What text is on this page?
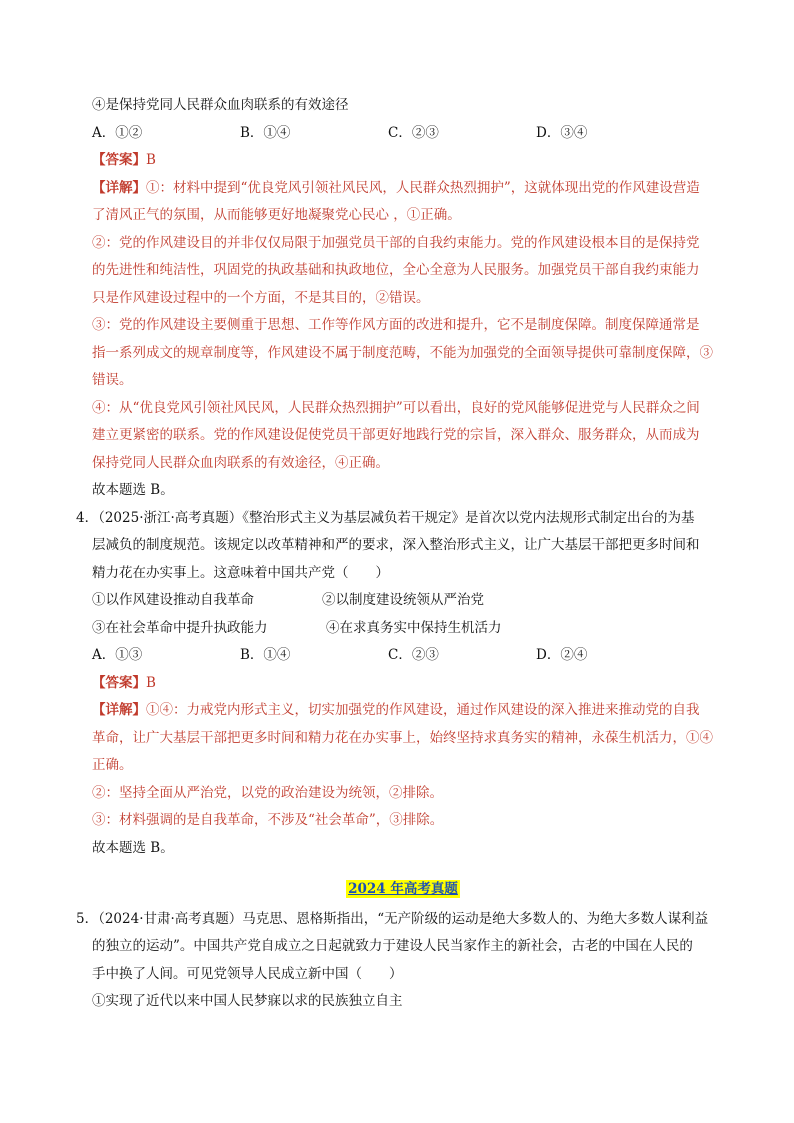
④是保持党同人民群众血肉联系的有效途径
A．①②	B．①④	C．②③	D．③④
【答案】B
【详解】①：材料中提到“优良党风引领社风民风，人民群众热烈拥护”，这就体现出党的作风建设营造
了清风正气的氛围，从而能够更好地凝聚党心民心 ，①正确。
②：党的作风建设目的并非仅仅局限于加强党员干部的自我约束能力。党的作风建设根本目的是保持党
的先进性和纯洁性，巩固党的执政基础和执政地位，全心全意为人民服务。加强党员干部自我约束能力
只是作风建设过程中的一个方面，不是其目的，②错误。
③：党的作风建设主要侧重于思想、工作等作风方面的改进和提升，它不是制度保障。制度保障通常是
指一系列成文的规章制度等，作风建设不属于制度范畴，不能为加强党的全面领导提供可靠制度保障，③
错误。
④：从“优良党风引领社风民风，人民群众热烈拥护”可以看出，良好的党风能够促进党与人民群众之间
建立更紧密的联系。党的作风建设促使党员干部更好地践行党的宗旨，深入群众、服务群众，从而成为
保持党同人民群众血肉联系的有效途径，④正确。
故本题选 B。
4．（2025·浙江·高考真题）《整治形式主义为基层减负若干规定》是首次以党内法规形式制定出台的为基
层减负的制度规范。该规定以改革精神和严的要求，深入整治形式主义，让广大基层干部把更多时间和
精力花在办实事上。这意味着中国共产党（　　）
①以作风建设推动自我革命	②以制度建设统领从严治党
③在社会革命中提升执政能力	④在求真务实中保持生机活力
A．①③	B．①④	C．②③	D．②④
【答案】B
【详解】①④：力戒党内形式主义，切实加强党的作风建设，通过作风建设的深入推进来推动党的自我
革命，让广大基层干部把更多时间和精力花在办实事上，始终坚持求真务实的精神，永葆生机活力，①④
正确。
②：坚持全面从严治党，以党的政治建设为统领，②排除。
③：材料强调的是自我革命，不涉及“社会革命”，③排除。
故本题选 B。
2024 年高考真题
5．（2024·甘肃·高考真题）马克思、恩格斯指出，“无产阶级的运动是绝大多数人的、为绝大多数人谋利益
的独立的运动”。中国共产党自成立之日起就致力于建设人民当家作主的新社会，古老的中国在人民的
手中换了人间。可见党领导人民成立新中国（　　）
①实现了近代以来中国人民梦寐以求的民族独立自主
